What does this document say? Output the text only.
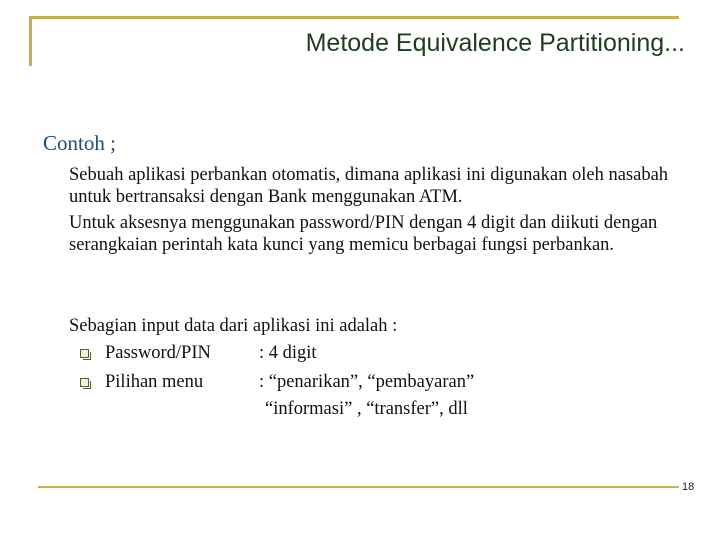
Metode Equivalence Partitioning...
Contoh ;
Sebuah aplikasi perbankan otomatis, dimana aplikasi ini digunakan oleh nasabah untuk bertransaksi dengan Bank menggunakan ATM.
Untuk aksesnya menggunakan password/PIN dengan 4 digit dan diikuti dengan serangkaian perintah kata kunci yang memicu berbagai fungsi perbankan.
Sebagian input data dari aplikasi ini adalah :
Password/PIN	: 4 digit
Pilihan menu	: “penarikan”, “pembayaran”
“informasi” , “transfer”, dll
18
